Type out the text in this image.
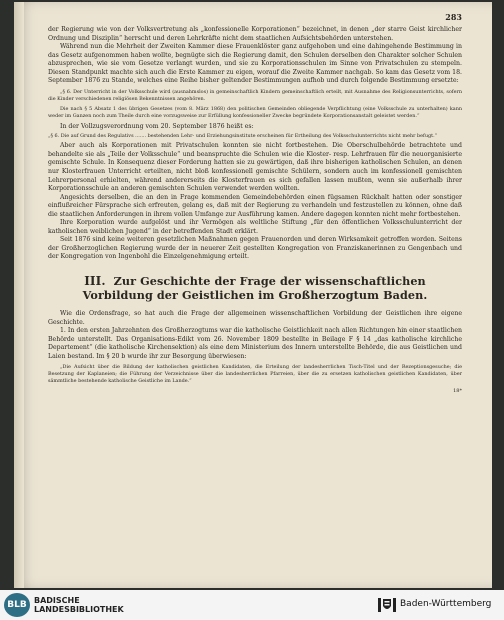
283

der Regierung wie von der Volksvertretung als „konfessionelle Korporationen“ bezeichnet, in denen „der starre Geist kirchlicher Ordnung und Disziplin“ herrscht und deren Lehrkräfte nicht dem staatlichen Aufsichtsbehörden unterstehen.

Während nun die Mehrheit der Zweiten Kammer diese Frauenklöster ganz aufgehoben und eine dahingehende Bestimmung in das Gesetz aufgenommen haben wollte, begnügte sich die Regierung damit, den Schulen derselben den Charakter solcher Schulen abzusprechen, wie sie vom Gesetze verlangt wurden, und sie zu Korporationsschulen im Sinne von Privatschulen zu stempeln. Diesen Standpunkt machte sich auch die Erste Kammer zu eigen, worauf die Zweite Kammer nachgab. So kam das Gesetz vom 18. September 1876 zu Stande, welches eine Reihe bisher geltender Bestimmungen aufhob und durch folgende Bestimmung ersetzte:

„§ 6. Der Unterricht in der Volksschule wird (ausnahmslos) in gemeinschaftlich Kindern gemeinschaftlich erteilt, mit Ausnahme des Religionsunterrichts, sofern die Kinder verschiedenen religiösen Bekenntnissen angehören.

Die nach § 5 Absatz 1 des übrigen Gesetzes (vom 8. März 1868) den politischen Gemeinden obliegende Verpflichtung (eine Volksschule zu unterhalten) kann weder im Ganzen noch zum Theile durch eine vorzugsweise zur Erfüllung konfessioneller Zwecke begründete Korporationsanstalt geleistet werden.“

In der Vollzugsverordnung vom 20. September 1876 heißt es:

„§ 6. Die auf Grund des Regulativs ....... bestehenden Lehr- und Erziehungsinstitute erscheinen für Ertheilung des Volksschulunterrichts nicht mehr befugt.“

Aber auch als Korporationen mit Privatschulen konnten sie nicht fortbestehen. Die Oberschulbehörde betrachtete und behandelte sie als „Teile der Volksschule“ und beanspruchte die Schulen wie die Kloster- resp. Lehrfrauen für die neuorganisierte gemischte Schule. In Konsequenz dieser Forderung hatten sie zu gewärtigen, daß ihre bisherigen katholischen Schulen, an denen nur Klosterfrauen Unterricht erteilten, nicht bloß konfessionell gemischte Schülern, sondern auch im konfessionell gemischten Lehrerpersonal erhielten, während andererseits die Klosterfrauen es sich gefallen lassen mußten, wenn sie außerhalb ihrer Korporationsschule an anderen gemischten Schulen verwendet werden wollten.

Angesichts derselben, die an den in Frage kommenden Gemeindebehörden einen fügsamen Rückhalt hatten oder sonstiger einflußreicher Fürsprache sich erfreuten, gelang es, daß mit der Regierung zu verhandeln und festzustellen zu können, ohne daß die staatlichen Anforderungen in ihrem vollen Umfange zur Ausführung kamen. Andere dagegen konnten nicht mehr fortbestehen.

Ihre Korporation wurde aufgelöst und ihr Vermögen als weltliche Stiftung „für den öffentlichen Volksschulunterricht der katholischen weiblichen Jugend“ in der betreffenden Stadt erklärt.

Seit 1876 sind keine weiteren gesetzlichen Maßnahmen gegen Frauenorden und deren Wirksamkeit getroffen worden. Seitens der Großherzoglichen Regierung wurde der in neuerer Zeit gestellten Kongregation von Franziskanerinnen zu Gengenbach und der Kongregation von Ingenbohl die Einzelgenehmigung erteilt.

III. Zur Geschichte der Frage der wissenschaftlichen Vorbildung der Geistlichen im Großherzogtum Baden.

Wie die Ordensfrage, so hat auch die Frage der allgemeinen wissenschaftlichen Vorbildung der Geistlichen ihre eigene Geschichte.

1. In den ersten Jahrzehnten des Großherzogtums war die katholische Geistlichkeit nach allen Richtungen hin einer staatlichen Behörde unterstellt. Das Organisations-Edikt vom 26. November 1809 bestellte in Beilage F § 14 „das katholische kirchliche Departement“ (die katholische Kirchensektion) als eine dem Ministerium des Innern unterstellte Behörde, die aus Geistlichen und Laien bestand. Im § 20 b wurde ihr zur Besorgung überwiesen:

„Die Aufsicht über die Bildung der katholischen geistlichen Kandidaten, die Erteilung der landesherrlichen Tisch-Titel und der Rezeptionsgesuche; die Besetzung der Kaplaneien; die Führung der Verzeichnisse über die landesherrlichen Pfarreien, über die zu ersetzen katholischen geistlichen Kandidaten, über sämmtliche bestehende katholische Geistliche im Lande.“

18*
BLB BADISCHE
LANDESBIBLIOTHEK
Baden-Württemberg
